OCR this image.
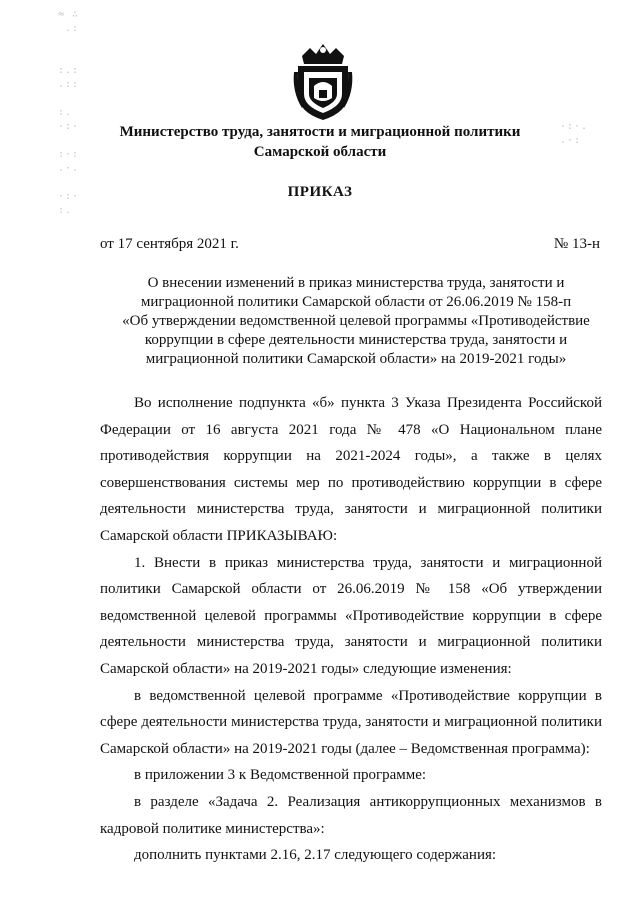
≈ ∴
.:

:.:
.::

:.
·:·

:·:
.·.

·:·
:.
·:·.
.·:
Министерство труда, занятости и миграционной политики
Самарской области
ПРИКАЗ
от 17 сентября 2021 г.	№ 13-н
О внесении изменений в приказ министерства труда, занятости и
миграционной политики Самарской области от 26.06.2019 № 158-п
«Об утверждении ведомственной целевой программы «Противодействие
коррупции в сфере деятельности министерства труда, занятости и
миграционной политики Самарской области» на 2019-2021 годы»

Во исполнение подпункта «б» пункта 3 Указа Президента Российской Федерации от 16 августа 2021 года № 478 «О Национальном плане противодействия коррупции на 2021-2024 годы», а также в целях совершенствования системы мер по противодействию коррупции в сфере деятельности министерства труда, занятости и миграционной политики Самарской области ПРИКАЗЫВАЮ:

1. Внести в приказ министерства труда, занятости и миграционной политики Самарской области от 26.06.2019 № 158 «Об утверждении ведомственной целевой программы «Противодействие коррупции в сфере деятельности министерства труда, занятости и миграционной политики Самарской области» на 2019-2021 годы» следующие изменения:

в ведомственной целевой программе «Противодействие коррупции в сфере деятельности министерства труда, занятости и миграционной политики Самарской области» на 2019-2021 годы (далее – Ведомственная программа):

в приложении 3 к Ведомственной программе:

в разделе «Задача 2. Реализация антикоррупционных механизмов в кадровой политике министерства»:

дополнить пунктами 2.16, 2.17 следующего содержания:
